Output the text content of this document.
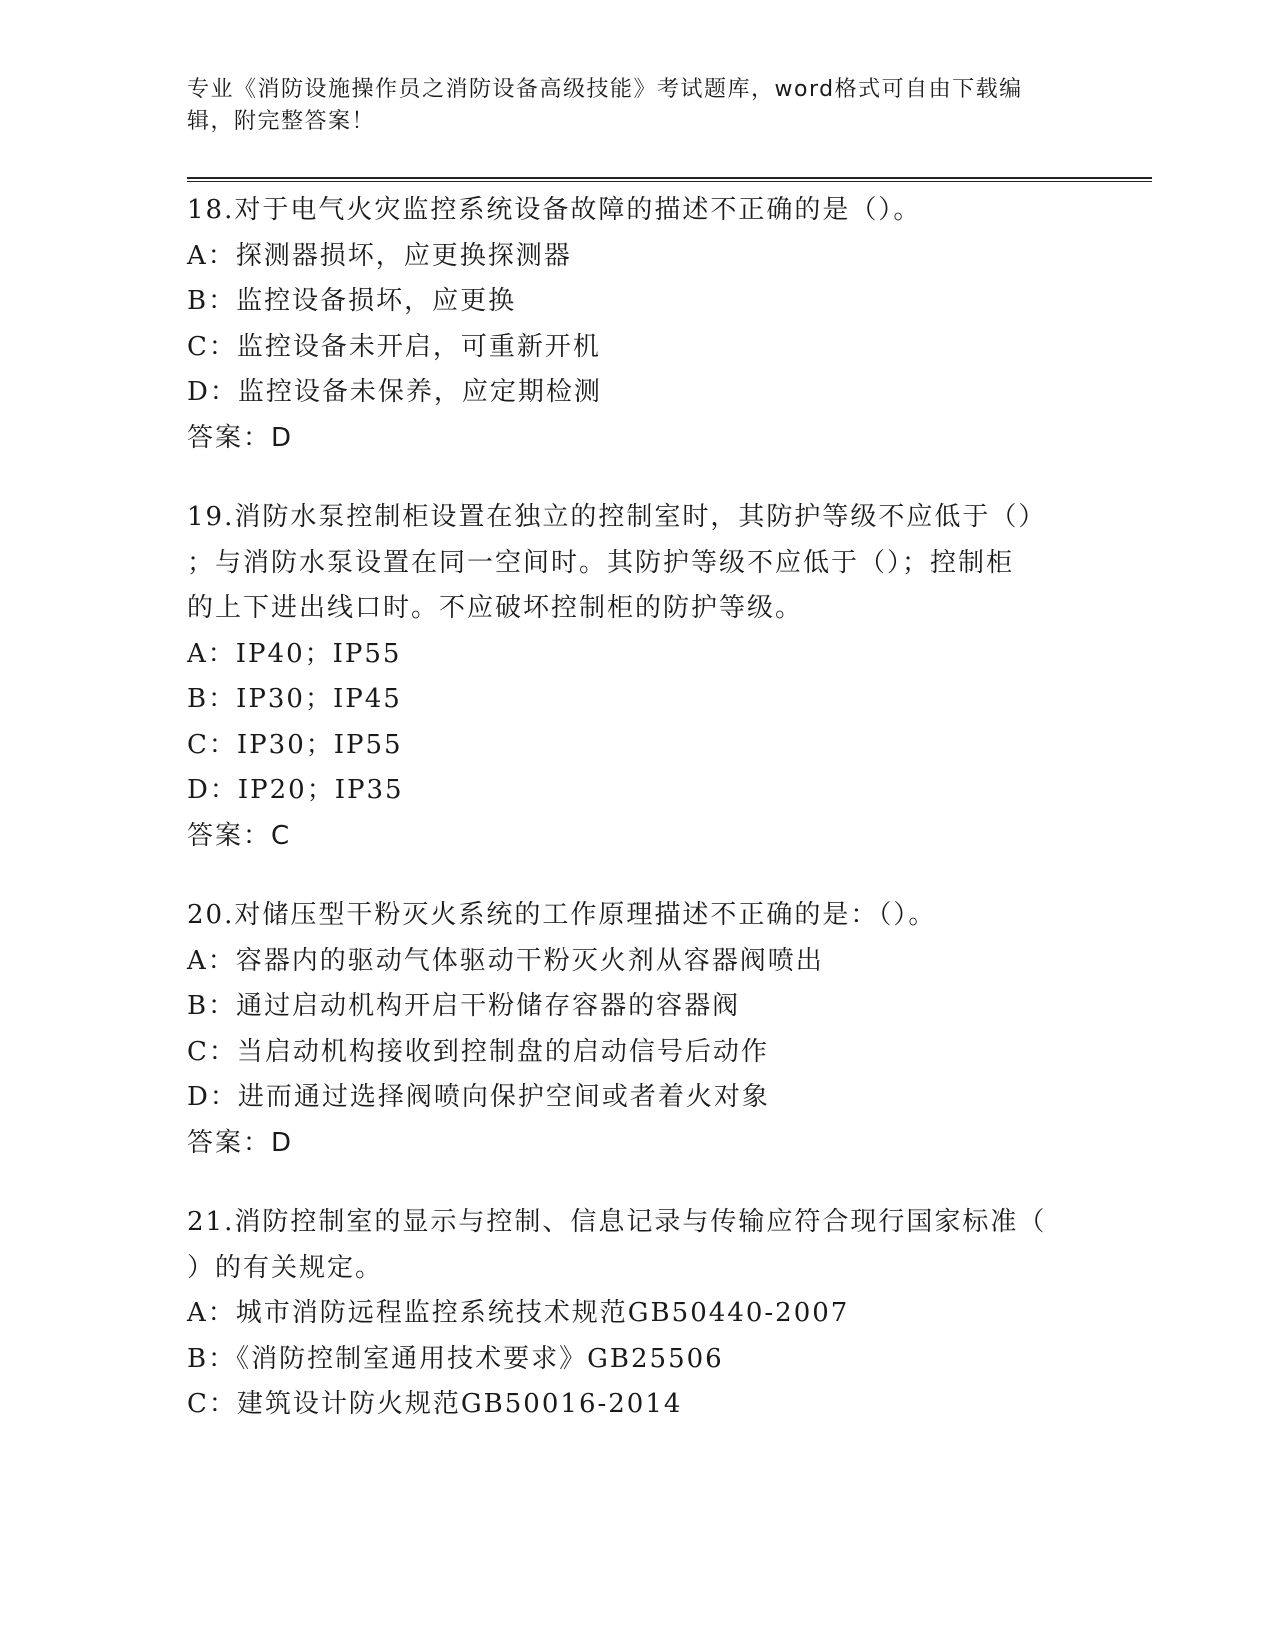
专业《消防设施操作员之消防设备高级技能》考试题库，word格式可自由下载编
辑，附完整答案！
18.对于电气火灾监控系统设备故障的描述不正确的是（）。
A：探测器损坏，应更换探测器
B：监控设备损坏，应更换
C：监控设备未开启，可重新开机
D：监控设备未保养，应定期检测
答案：D
19.消防水泵控制柜设置在独立的控制室时，其防护等级不应低于（）
；与消防水泵设置在同一空间时。其防护等级不应低于（）；控制柜
的上下进出线口时。不应破坏控制柜的防护等级。
A：IP40；IP55
B：IP30；IP45
C：IP30；IP55
D：IP20；IP35
答案：C
20.对储压型干粉灭火系统的工作原理描述不正确的是：（）。
A：容器内的驱动气体驱动干粉灭火剂从容器阀喷出
B：通过启动机构开启干粉储存容器的容器阀
C：当启动机构接收到控制盘的启动信号后动作
D：进而通过选择阀喷向保护空间或者着火对象
答案：D
21.消防控制室的显示与控制、信息记录与传输应符合现行国家标准（
）的有关规定。
A：城市消防远程监控系统技术规范GB50440-2007
B：《消防控制室通用技术要求》GB25506
C：建筑设计防火规范GB50016-2014
